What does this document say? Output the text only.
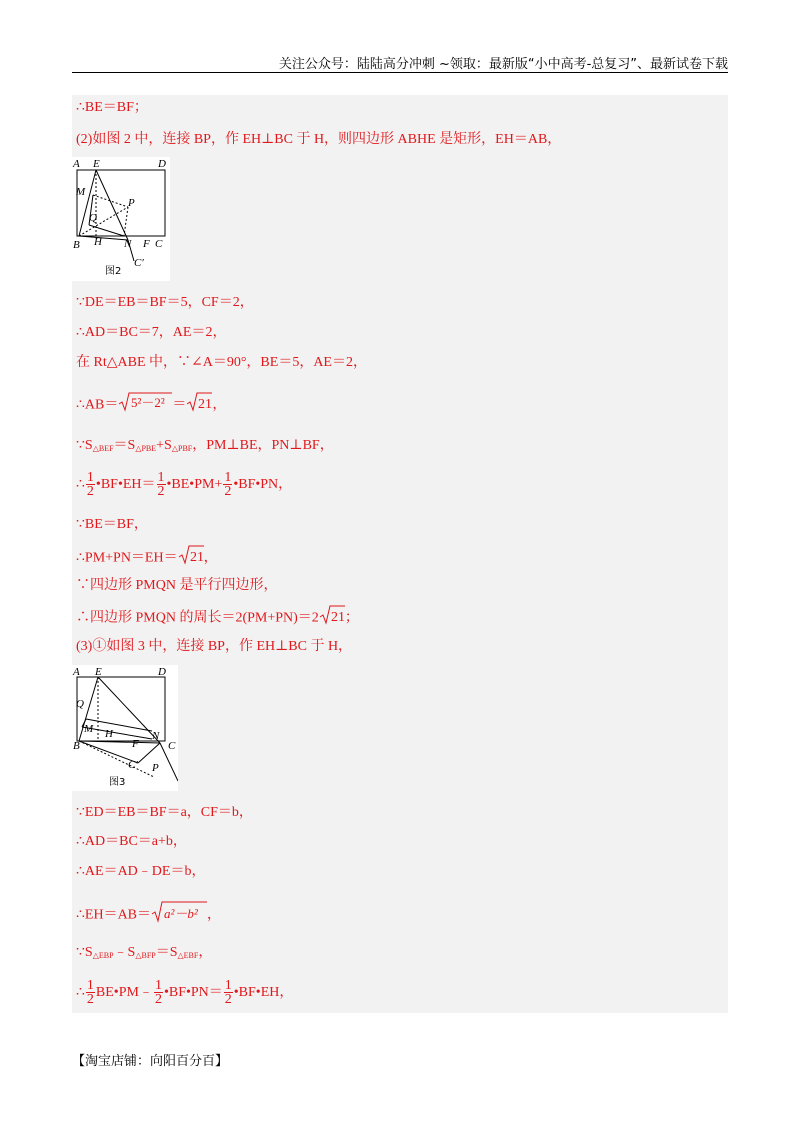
关注公众号：陆陆高分冲刺 ~领取：最新版“小中高考-总复习”、最新试卷下载
∴BE＝BF；
(2)如图 2 中，连接 BP，作 EH⊥BC 于 H，则四边形 ABHE 是矩形，EH＝AB，
A E	D
M
P
Q
B H N F C
C′
图2
∵DE＝EB＝BF＝5，CF＝2，
∴AD＝BC＝7，AE＝2，
在 Rt△ABE 中，∵∠A＝90°，BE＝5，AE＝2，
∴AB＝ 5²－2² ＝ 21 ，
$\because S_{\triangle BEF}=S_{\triangle PBE}+S_{\triangle PBF}$，PM⊥BE，PN⊥BF，
∴ $\frac{1}{2}$ •BF•EH＝ $\frac{1}{2}$ •BE•PM+ $\frac{1}{2}$ •BF•PN，
∵BE＝BF，
∴PM+PN＝EH＝ 21 ，
∵四边形 PMQN 是平行四边形，
∴四边形 PMQN 的周长＝2(PM+PN)＝2 21 ；
(3)①如图 3 中，连接 BP，作 EH⊥BC 于 H，
A E	D
Q
M H
F
N
B	C
C′ P
图3
∵ED＝EB＝BF＝a，CF＝b，
∴AD＝BC＝a+b，
∴AE＝AD﹣DE＝b，
∴EH＝AB＝ a²－b² ，
$\because S_{\triangle EBP}﹣S_{\triangle BFP}=S_{\triangle EBF}$，
∴ $\frac{1}{2}$ BE•PM﹣ $\frac{1}{2}$ •BF•PN＝ $\frac{1}{2}$ •BF•EH，
【淘宝店铺：向阳百分百】
